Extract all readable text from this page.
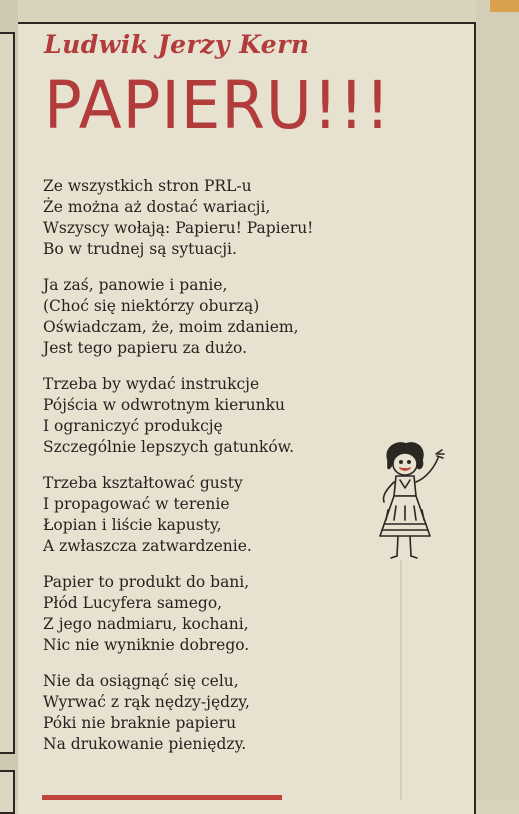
Ludwik Jerzy Kern
PAPIERU!!!
Ze wszystkich stron PRL-u
Że można aż dostać wariacji,
Wszyscy wołają: Papieru! Papieru!
Bo w trudnej są sytuacji.
Ja zaś, panowie i panie,
(Choć się niektórzy oburzą)
Oświadczam, że, moim zdaniem,
Jest tego papieru za dużo.
Trzeba by wydać instrukcje
Pójścia w odwrotnym kierunku
I ograniczyć produkcję
Szczególnie lepszych gatunków.
Trzeba kształtować gusty
I propagować w terenie
Łopian i liście kapusty,
A zwłaszcza zatwardzenie.
Papier to produkt do bani,
Płód Lucyfera samego,
Z jego nadmiaru, kochani,
Nic nie wyniknie dobrego.
Nie da osiągnąć się celu,
Wyrwać z rąk nędzy-jędzy,
Póki nie braknie papieru
Na drukowanie pieniędzy.
